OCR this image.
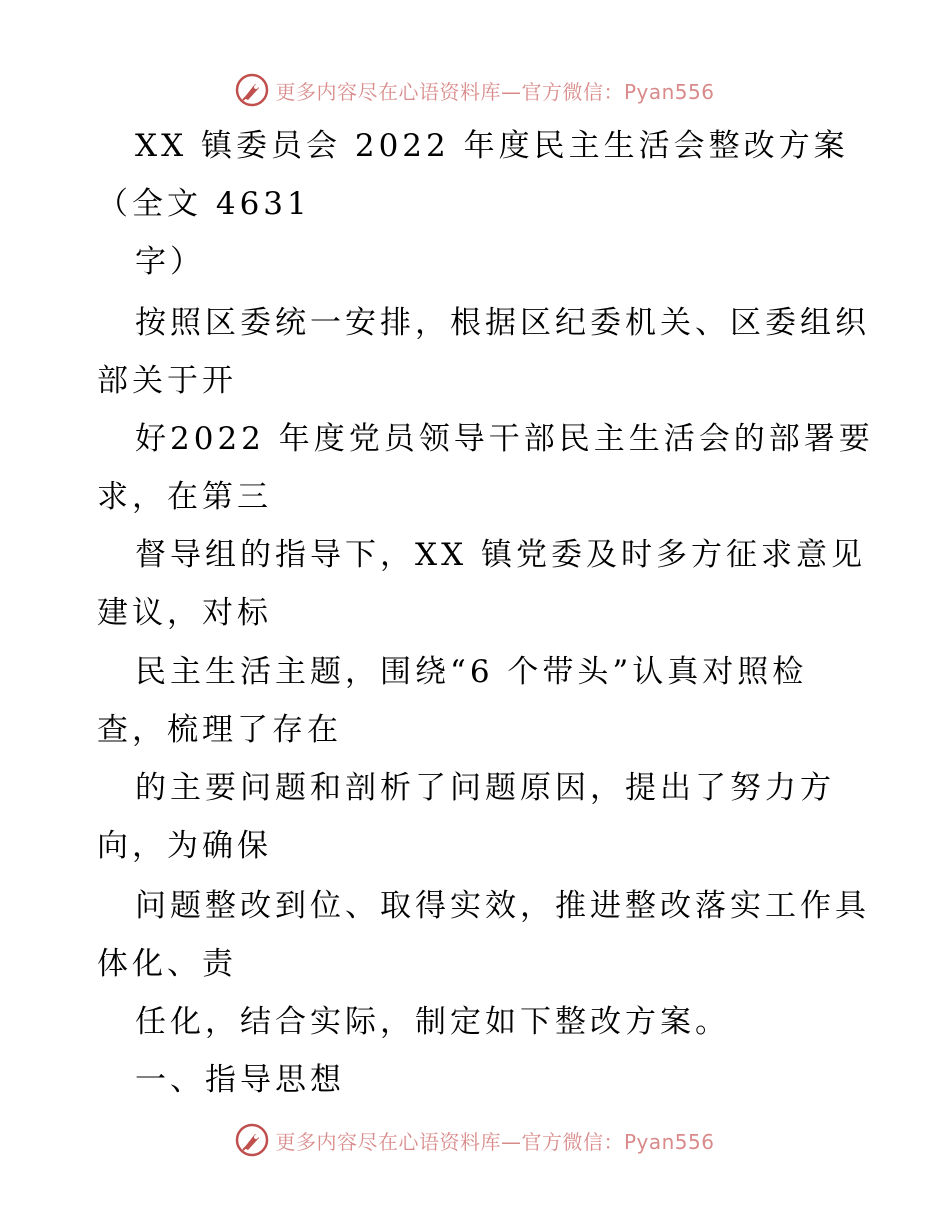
更多内容尽在心语资料库—官方微信：Pyan556
XX 镇委员会 2022 年度民主生活会整改方案
（全文 4631
字）
按照区委统一安排，根据区纪委机关、区委组织
部关于开
好2022 年度党员领导干部民主生活会的部署要
求，在第三
督导组的指导下，XX 镇党委及时多方征求意见
建议，对标
民主生活主题，围绕“6 个带头”认真对照检
查，梳理了存在
的主要问题和剖析了问题原因，提出了努力方
向，为确保
问题整改到位、取得实效，推进整改落实工作具
体化、责
任化，结合实际，制定如下整改方案。
一、指导思想
更多内容尽在心语资料库—官方微信：Pyan556
